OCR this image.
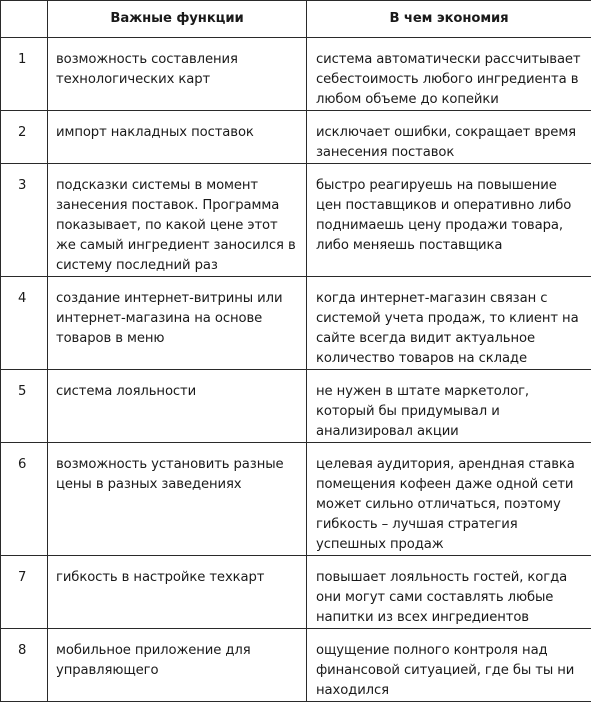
	Важные функции	В чем экономия
1	возможность составления технологических карт	система автоматически рассчитывает себестоимость любого ингредиента в любом объеме до копейки
2	импорт накладных поставок	исключает ошибки, сокращает время занесения поставок
3	подсказки системы в момент занесения поставок. Программа показывает, по какой цене этот же самый ингредиент заносился в систему последний раз	быстро реагируешь на повышение цен поставщиков и оперативно либо поднимаешь цену продажи товара, либо меняешь поставщика
4	создание интернет-витрины или интернет-магазина на основе товаров в меню	когда интернет-магазин связан с системой учета продаж, то клиент на сайте всегда видит актуальное количество товаров на складе
5	система лояльности	не нужен в штате маркетолог, который бы придумывал и анализировал акции
6	возможность установить разные цены в разных заведениях	целевая аудитория, арендная ставка помещения кофеен даже одной сети может сильно отличаться, поэтому гибкость – лучшая стратегия успешных продаж
7	гибкость в настройке техкарт	повышает лояльность гостей, когда они могут сами составлять любые напитки из всех ингредиентов
8	мобильное приложение для управляющего	ощущение полного контроля над финансовой ситуацией, где бы ты ни находился
